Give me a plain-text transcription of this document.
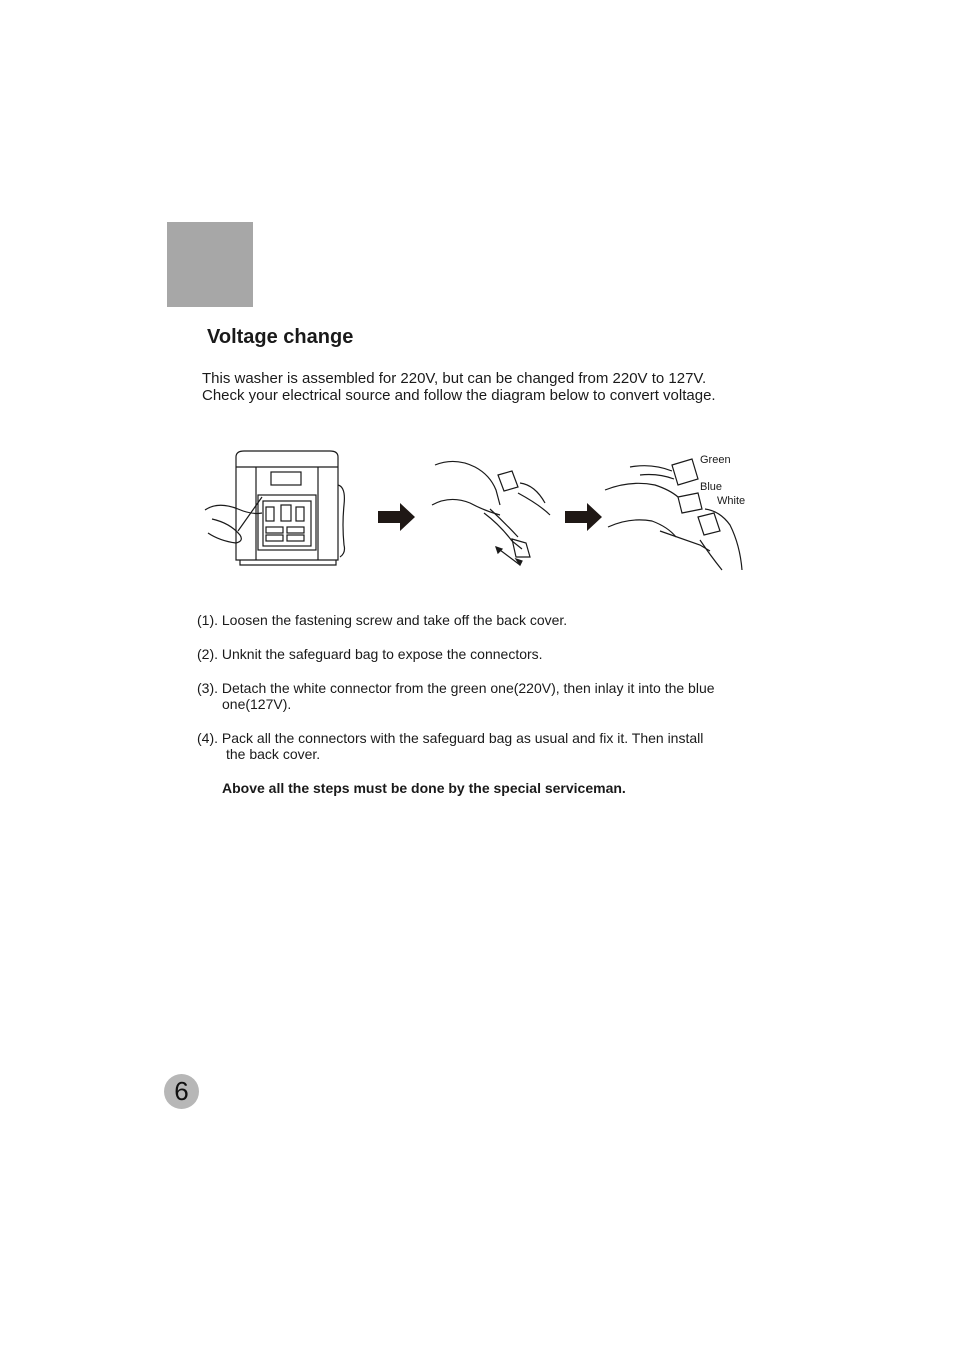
Voltage change
This washer is assembled for 220V, but can be changed from 220V to 127V.
Check your electrical source and follow the diagram below to convert voltage.
Green
Blue
White
(1). Loosen the fastening screw and take off the back cover.
(2). Unknit the safeguard bag to expose the connectors.
(3). Detach the white connector from the green one(220V), then inlay it into the blue
one(127V).
(4). Pack all the connectors with the safeguard bag as usual and fix it. Then install
the back cover.
Above all the steps must be done by the special serviceman.
6
